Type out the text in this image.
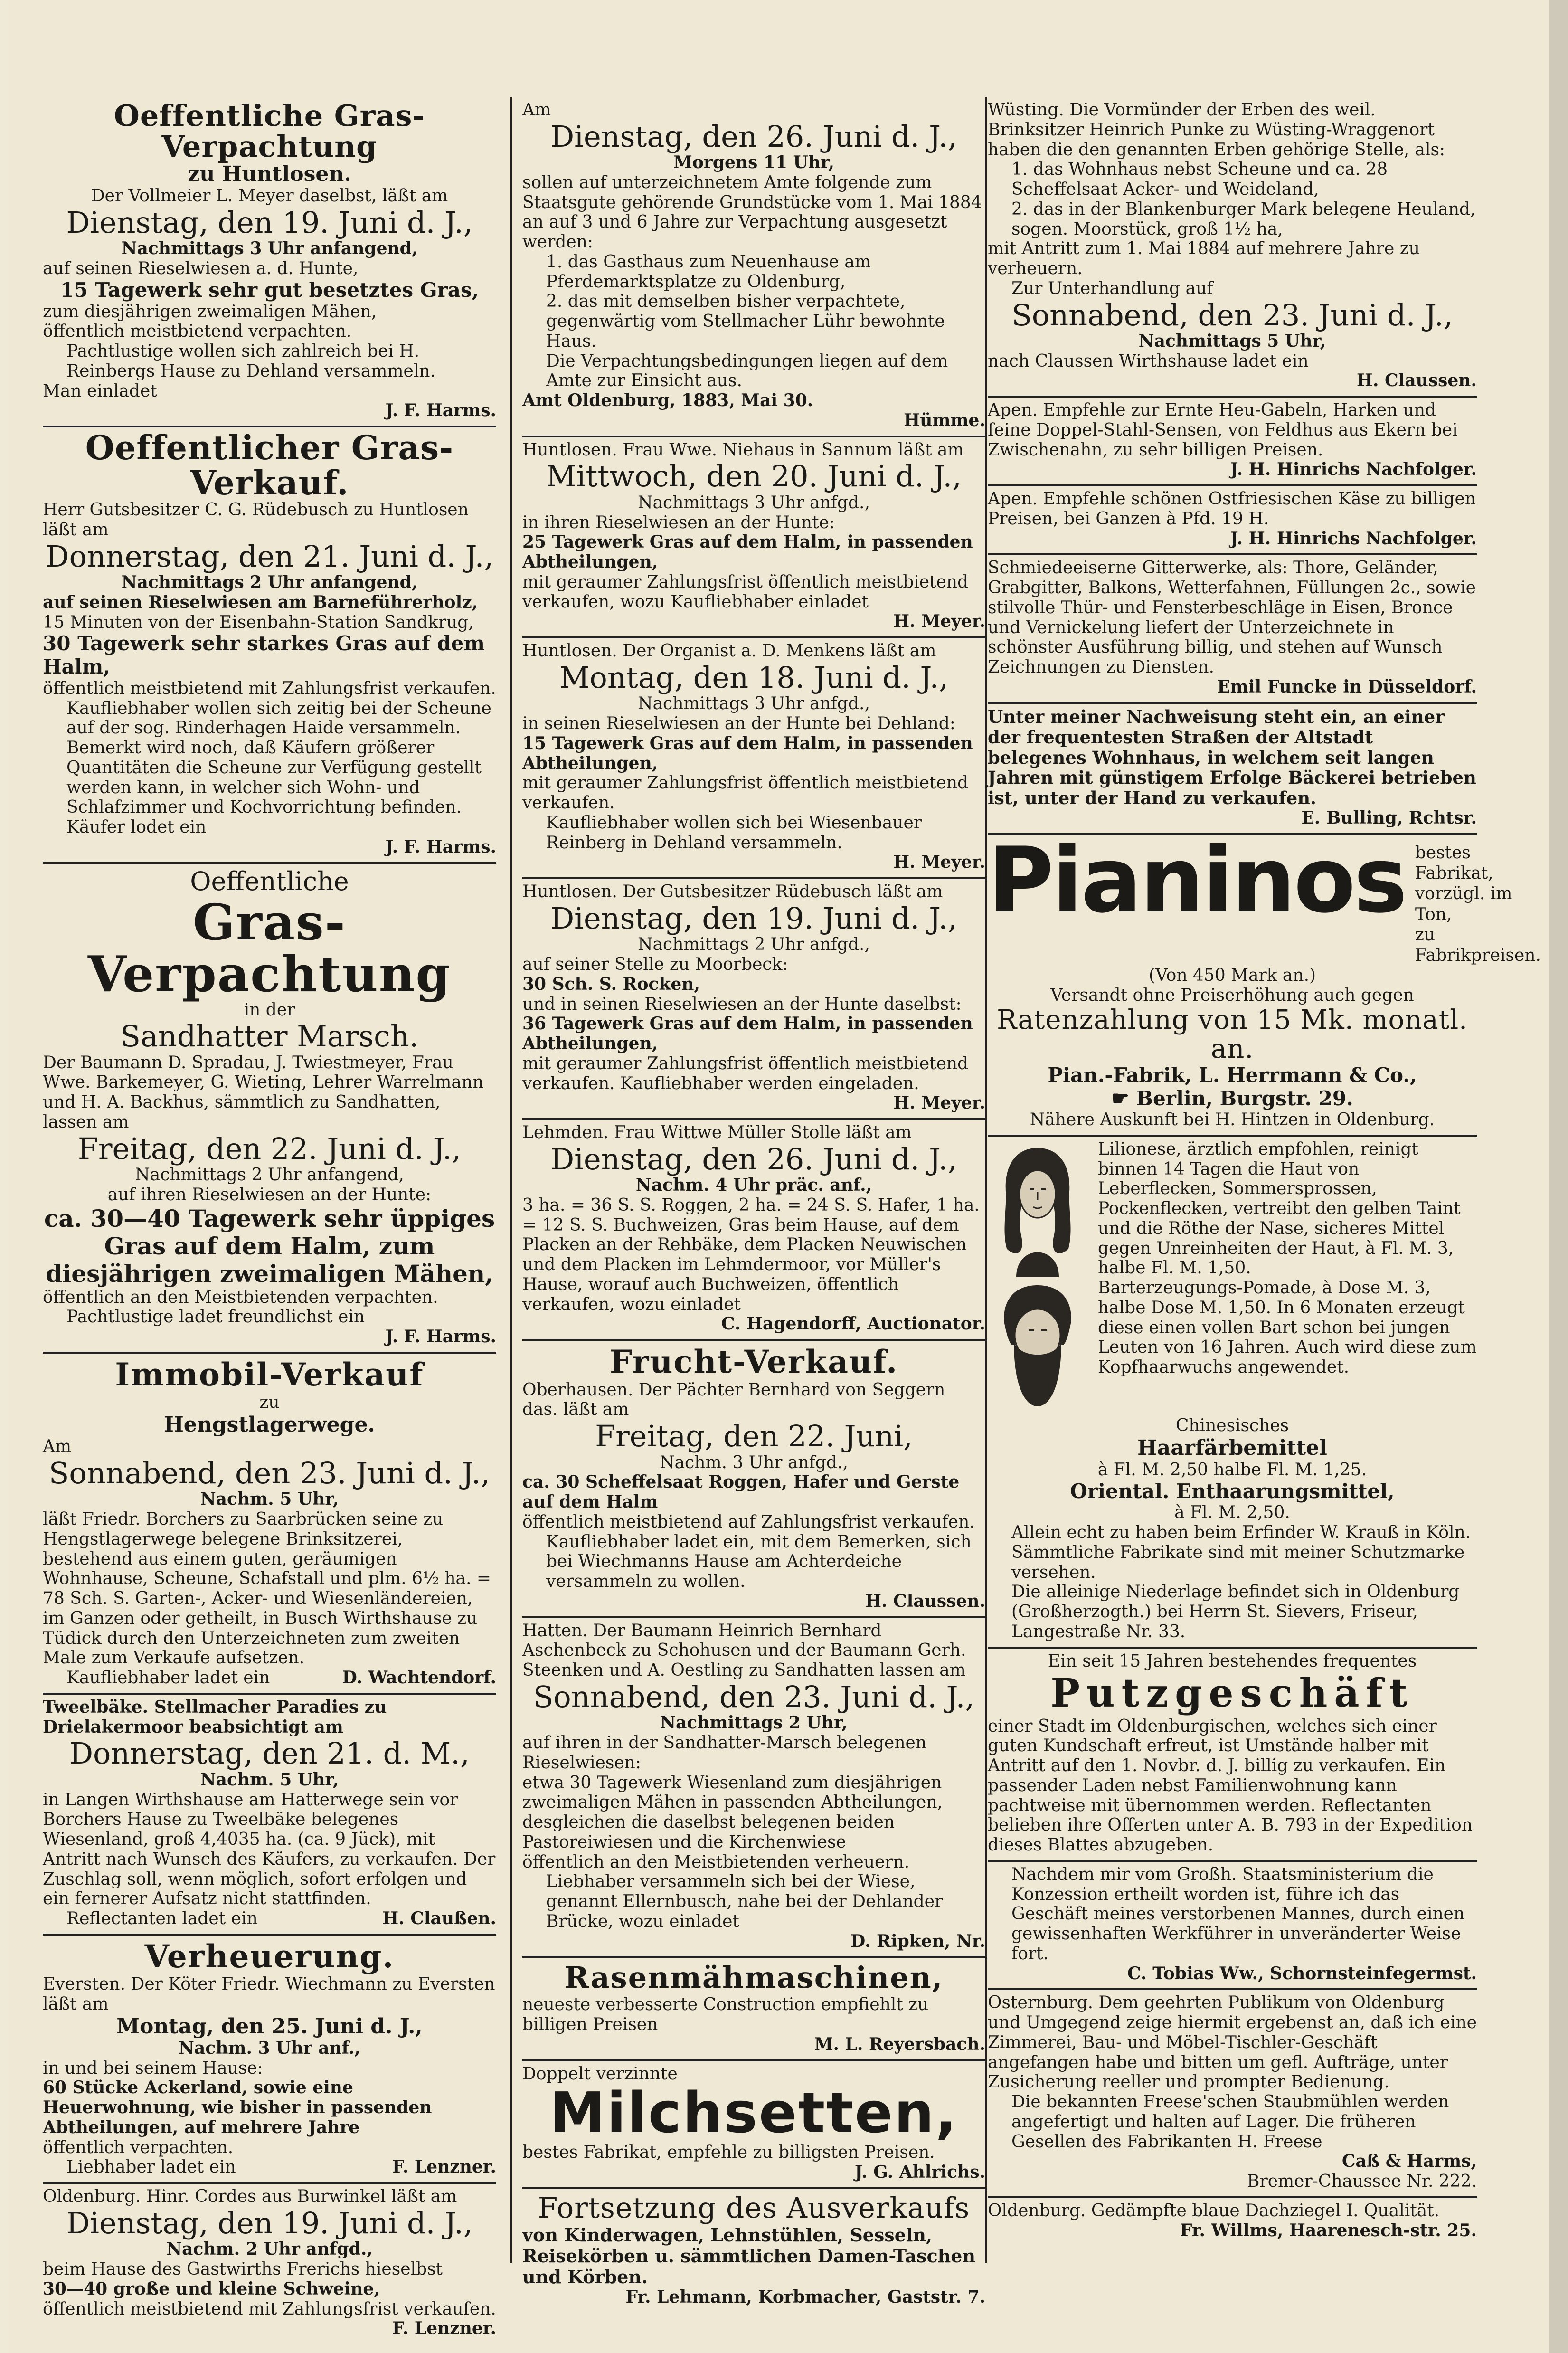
Oeffentliche Gras-Verpachtung

zu Huntlosen.

Der Vollmeier L. Meyer daselbst, läßt am

Dienstag, den 19. Juni d. J.,

Nachmittags 3 Uhr anfangend,

auf seinen Rieselwiesen a. d. Hunte,

15 Tagewerk sehr gut besetztes Gras,

zum diesjährigen zweimaligen Mähen,

öffentlich meistbietend verpachten.

Pachtlustige wollen sich zahlreich bei H. Reinbergs Hause zu Dehland versammeln.

Man einladet

J. F. Harms.

Oeffentlicher Gras-Verkauf.

Herr Gutsbesitzer C. G. Rüdebusch zu Huntlosen läßt am

Donnerstag, den 21. Juni d. J.,

Nachmittags 2 Uhr anfangend,

auf seinen Rieselwiesen am Barneführerholz,

15 Minuten von der Eisenbahn-Station Sandkrug,

30 Tagewerk sehr starkes Gras auf dem Halm,

öffentlich meistbietend mit Zahlungsfrist verkaufen.

Kaufliebhaber wollen sich zeitig bei der Scheune auf der sog. Rinderhagen Haide versammeln.

Bemerkt wird noch, daß Käufern größerer Quantitäten die Scheune zur Verfügung gestellt werden kann, in welcher sich Wohn- und Schlafzimmer und Kochvorrichtung befinden.

Käufer lodet ein

J. F. Harms.

Oeffentliche

Gras-Verpachtung

in der

Sandhatter Marsch.

Der Baumann D. Spradau, J. Twiestmeyer, Frau Wwe. Barkemeyer, G. Wieting, Lehrer Warrelmann und H. A. Backhus, sämmtlich zu Sandhatten, lassen am

Freitag, den 22. Juni d. J.,

Nachmittags 2 Uhr anfangend,

auf ihren Rieselwiesen an der Hunte:

ca. 30—40 Tagewerk sehr üppiges Gras auf dem Halm, zum diesjährigen zweimaligen Mähen,

öffentlich an den Meistbietenden verpachten.

Pachtlustige ladet freundlichst ein

J. F. Harms.

Immobil-Verkauf

zu

Hengstlagerwege.

Am

Sonnabend, den 23. Juni d. J.,

Nachm. 5 Uhr,

läßt Friedr. Borchers zu Saarbrücken seine zu Hengstlagerwege belegene Brinksitzerei, bestehend aus einem guten, geräumigen Wohnhause, Scheune, Schafstall und plm. 6½ ha. = 78 Sch. S. Garten-, Acker- und Wiesenländereien, im Ganzen oder getheilt, in Busch Wirthshause zu Tüdick durch den Unterzeichneten zum zweiten Male zum Verkaufe aufsetzen.

Kaufliebhaber ladet ein	D. Wachtendorf.

Tweelbäke. Stellmacher Paradies zu Drielakermoor beabsichtigt am

Donnerstag, den 21. d. M.,

Nachm. 5 Uhr,

in Langen Wirthshause am Hatterwege sein vor Borchers Hause zu Tweelbäke belegenes Wiesenland, groß 4,4035 ha. (ca. 9 Jück), mit Antritt nach Wunsch des Käufers, zu verkaufen. Der Zuschlag soll, wenn möglich, sofort erfolgen und ein fernerer Aufsatz nicht stattfinden.

Reflectanten ladet ein	H. Claußen.

Verheuerung.

Eversten. Der Köter Friedr. Wiechmann zu Eversten läßt am

Montag, den 25. Juni d. J.,

Nachm. 3 Uhr anf.,

in und bei seinem Hause:

60 Stücke Ackerland, sowie eine Heuerwohnung, wie bisher in passenden Abtheilungen, auf mehrere Jahre

öffentlich verpachten.

Liebhaber ladet ein	F. Lenzner.

Oldenburg. Hinr. Cordes aus Burwinkel läßt am

Dienstag, den 19. Juni d. J.,

Nachm. 2 Uhr anfgd.,

beim Hause des Gastwirths Frerichs hieselbst

30—40 große und kleine Schweine,

öffentlich meistbietend mit Zahlungsfrist verkaufen.

F. Lenzner.

Am

Dienstag, den 26. Juni d. J.,

Morgens 11 Uhr,

sollen auf unterzeichnetem Amte folgende zum Staatsgute gehörende Grundstücke vom 1. Mai 1884 an auf 3 und 6 Jahre zur Verpachtung ausgesetzt werden:

1. das Gasthaus zum Neuenhause am Pferdemarktsplatze zu Oldenburg,

2. das mit demselben bisher verpachtete, gegenwärtig vom Stellmacher Lühr bewohnte Haus.

Die Verpachtungsbedingungen liegen auf dem Amte zur Einsicht aus.

Amt Oldenburg, 1883, Mai 30.

Hümme.

Huntlosen. Frau Wwe. Niehaus in Sannum läßt am

Mittwoch, den 20. Juni d. J.,

Nachmittags 3 Uhr anfgd.,

in ihren Rieselwiesen an der Hunte:

25 Tagewerk Gras auf dem Halm, in passenden Abtheilungen,

mit geraumer Zahlungsfrist öffentlich meistbietend verkaufen, wozu Kaufliebhaber einladet

H. Meyer.

Huntlosen. Der Organist a. D. Menkens läßt am

Montag, den 18. Juni d. J.,

Nachmittags 3 Uhr anfgd.,

in seinen Rieselwiesen an der Hunte bei Dehland:

15 Tagewerk Gras auf dem Halm, in passenden Abtheilungen,

mit geraumer Zahlungsfrist öffentlich meistbietend verkaufen.

Kaufliebhaber wollen sich bei Wiesenbauer Reinberg in Dehland versammeln.

H. Meyer.

Huntlosen. Der Gutsbesitzer Rüdebusch läßt am

Dienstag, den 19. Juni d. J.,

Nachmittags 2 Uhr anfgd.,

auf seiner Stelle zu Moorbeck:

30 Sch. S. Rocken,

und in seinen Rieselwiesen an der Hunte daselbst:

36 Tagewerk Gras auf dem Halm, in passenden Abtheilungen,

mit geraumer Zahlungsfrist öffentlich meistbietend verkaufen. Kaufliebhaber werden eingeladen.

H. Meyer.

Lehmden. Frau Wittwe Müller Stolle läßt am

Dienstag, den 26. Juni d. J.,

Nachm. 4 Uhr präc. anf.,

3 ha. = 36 S. S. Roggen, 2 ha. = 24 S. S. Hafer, 1 ha. = 12 S. S. Buchweizen, Gras beim Hause, auf dem Placken an der Rehbäke, dem Placken Neuwischen und dem Placken im Lehmdermoor, vor Müller's Hause, worauf auch Buchweizen, öffentlich verkaufen, wozu einladet

C. Hagendorff, Auctionator.

Frucht-Verkauf.

Oberhausen. Der Pächter Bernhard von Seggern das. läßt am

Freitag, den 22. Juni,

Nachm. 3 Uhr anfgd.,

ca. 30 Scheffelsaat Roggen, Hafer und Gerste auf dem Halm

öffentlich meistbietend auf Zahlungsfrist verkaufen.

Kaufliebhaber ladet ein, mit dem Bemerken, sich bei Wiechmanns Hause am Achterdeiche versammeln zu wollen.

H. Claussen.

Hatten. Der Baumann Heinrich Bernhard Aschenbeck zu Schohusen und der Baumann Gerh. Steenken und A. Oestling zu Sandhatten lassen am

Sonnabend, den 23. Juni d. J.,

Nachmittags 2 Uhr,

auf ihren in der Sandhatter-Marsch belegenen Rieselwiesen:

etwa 30 Tagewerk Wiesenland zum diesjährigen zweimaligen Mähen in passenden Abtheilungen, desgleichen die daselbst belegenen beiden Pastoreiwiesen und die Kirchenwiese

öffentlich an den Meistbietenden verheuern.

Liebhaber versammeln sich bei der Wiese, genannt Ellernbusch, nahe bei der Dehlander Brücke, wozu einladet

D. Ripken, Nr.

Rasenmähmaschinen,

neueste verbesserte Construction empfiehlt zu billigen Preisen

M. L. Reyersbach.

Doppelt verzinnte

Milchsetten,

bestes Fabrikat, empfehle zu billigsten Preisen.

J. G. Ahlrichs.

Fortsetzung des Ausverkaufs

von Kinderwagen, Lehnstühlen, Sesseln, Reisekörben u. sämmtlichen Damen-Taschen und Körben.

Fr. Lehmann, Korbmacher, Gaststr. 7.

Wüsting. Die Vormünder der Erben des weil. Brinksitzer Heinrich Punke zu Wüsting-Wraggenort haben die den genannten Erben gehörige Stelle, als:

1. das Wohnhaus nebst Scheune und ca. 28 Scheffelsaat Acker- und Weideland,

2. das in der Blankenburger Mark belegene Heuland, sogen. Moorstück, groß 1½ ha,

mit Antritt zum 1. Mai 1884 auf mehrere Jahre zu verheuern.

Zur Unterhandlung auf

Sonnabend, den 23. Juni d. J.,

Nachmittags 5 Uhr,

nach Claussen Wirthshause ladet ein

H. Claussen.

Apen. Empfehle zur Ernte Heu-Gabeln, Harken und feine Doppel-Stahl-Sensen, von Feldhus aus Ekern bei Zwischenahn, zu sehr billigen Preisen.

J. H. Hinrichs Nachfolger.

Apen. Empfehle schönen Ostfriesischen Käse zu billigen Preisen, bei Ganzen à Pfd. 19 H.

J. H. Hinrichs Nachfolger.

Schmiedeeiserne Gitterwerke, als: Thore, Geländer, Grabgitter, Balkons, Wetterfahnen, Füllungen 2c., sowie stilvolle Thür- und Fensterbeschläge in Eisen, Bronce und Vernickelung liefert der Unterzeichnete in schönster Ausführung billig, und stehen auf Wunsch Zeichnungen zu Diensten.

Emil Funcke in Düsseldorf.

Unter meiner Nachweisung steht ein, an einer der frequentesten Straßen der Altstadt belegenes Wohnhaus, in welchem seit langen Jahren mit günstigem Erfolge Bäckerei betrieben ist, unter der Hand zu verkaufen.

E. Bulling, Rchtsr.

Pianinos bestes Fabrikat,

vorzügl. im Ton,

zu Fabrikpreisen.

(Von 450 Mark an.)

Versandt ohne Preiserhöhung auch gegen

Ratenzahlung von 15 Mk. monatl. an.

Pian.-Fabrik, L. Herrmann & Co.,

☛ Berlin, Burgstr. 29.

Nähere Auskunft bei H. Hintzen in Oldenburg.

Lilionese, ärztlich empfohlen, reinigt binnen 14 Tagen die Haut von Leberflecken, Sommersprossen, Pockenflecken, vertreibt den gelben Taint und die Röthe der Nase, sicheres Mittel gegen Unreinheiten der Haut, à Fl. M. 3, halbe Fl. M. 1,50.

Barterzeugungs-Pomade, à Dose M. 3, halbe Dose M. 1,50. In 6 Monaten erzeugt diese einen vollen Bart schon bei jungen Leuten von 16 Jahren. Auch wird diese zum Kopfhaarwuchs angewendet.

Chinesisches

Haarfärbemittel

à Fl. M. 2,50 halbe Fl. M. 1,25.

Oriental. Enthaarungsmittel,

à Fl. M. 2,50.

Allein echt zu haben beim Erfinder W. Krauß in Köln.

Sämmtliche Fabrikate sind mit meiner Schutzmarke versehen.

Die alleinige Niederlage befindet sich in Oldenburg (Großherzogth.) bei Herrn St. Sievers, Friseur, Langestraße Nr. 33.

Ein seit 15 Jahren bestehendes frequentes

Putzgeschäft

einer Stadt im Oldenburgischen, welches sich einer guten Kundschaft erfreut, ist Umstände halber mit Antritt auf den 1. Novbr. d. J. billig zu verkaufen. Ein passender Laden nebst Familienwohnung kann pachtweise mit übernommen werden. Reflectanten belieben ihre Offerten unter A. B. 793 in der Expedition dieses Blattes abzugeben.

Nachdem mir vom Großh. Staatsministerium die Konzession ertheilt worden ist, führe ich das Geschäft meines verstorbenen Mannes, durch einen gewissenhaften Werkführer in unveränderter Weise fort.

C. Tobias Ww., Schornsteinfegermst.

Osternburg. Dem geehrten Publikum von Oldenburg und Umgegend zeige hiermit ergebenst an, daß ich eine Zimmerei, Bau- und Möbel-Tischler-Geschäft angefangen habe und bitten um gefl. Aufträge, unter Zusicherung reeller und prompter Bedienung.

Die bekannten Freese'schen Staubmühlen werden angefertigt und halten auf Lager. Die früheren Gesellen des Fabrikanten H. Freese

Caß & Harms,

Bremer-Chaussee Nr. 222.

Oldenburg. Gedämpfte blaue Dachziegel I. Qualität.

Fr. Willms, Haarenesch-str. 25.
